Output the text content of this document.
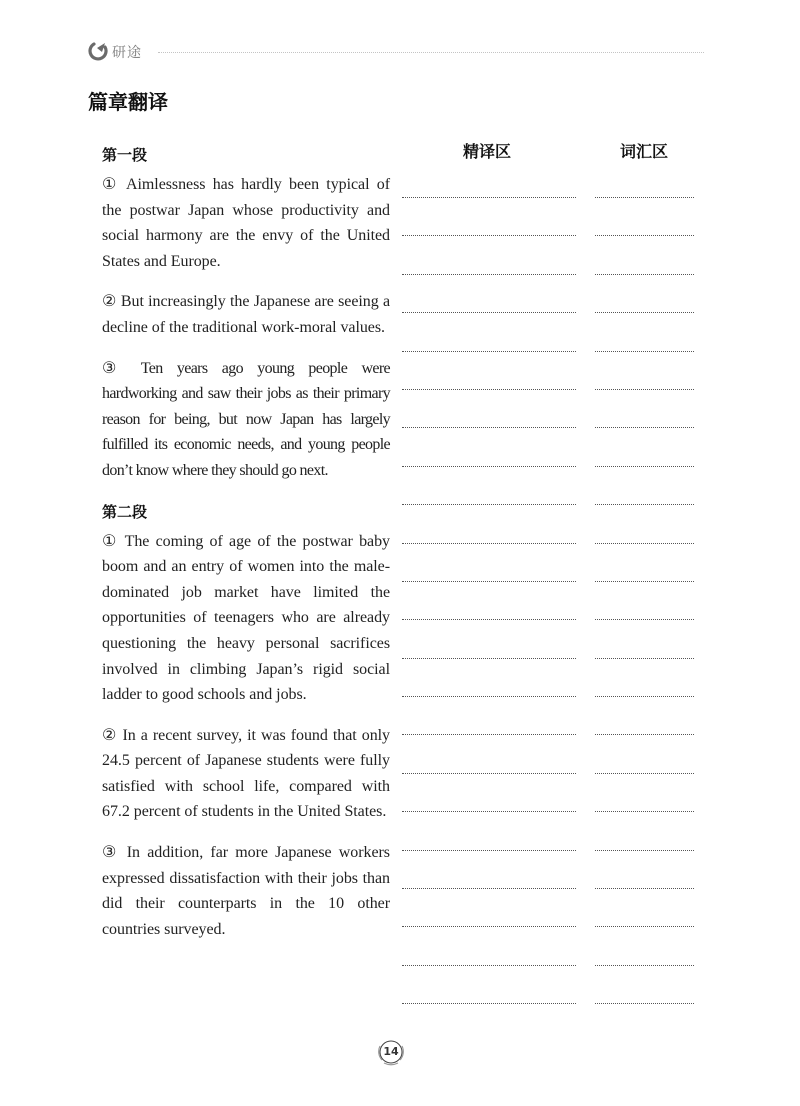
研途
篇章翻译
精译区	词汇区
第一段

① Aimlessness has hardly been typical of the postwar Japan whose productivity and social harmony are the envy of the United States and Europe.

② But increasingly the Japanese are seeing a decline of the traditional work-moral values.

③ Ten years ago young people were hardworking and saw their jobs as their primary reason for being, but now Japan has largely fulfilled its economic needs, and young people don’t know where they should go next.

第二段

① The coming of age of the postwar baby boom and an entry of women into the male-dominated job market have limited the opportunities of teenagers who are already questioning the heavy personal sacrifices involved in climbing Japan’s rigid social ladder to good schools and jobs.

② In a recent survey, it was found that only 24.5 percent of Japanese students were fully satisfied with school life, compared with 67.2 percent of students in the United States.

③ In addition, far more Japanese workers expressed dissatisfaction with their jobs than did their counterparts in the 10 other countries surveyed.

14
